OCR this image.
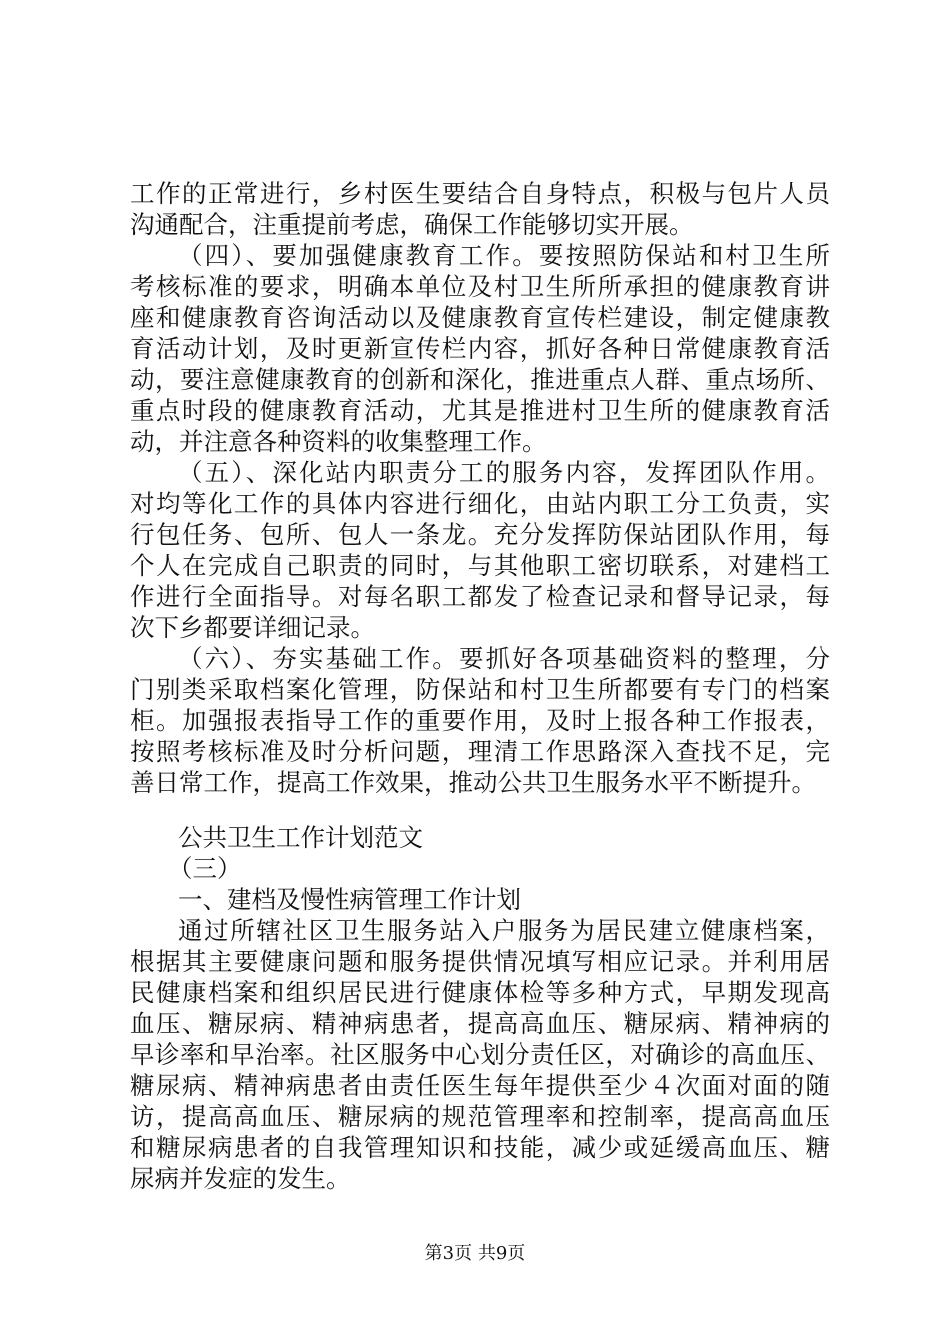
工作的正常进行，乡村医生要结合自身特点，积极与包片人员
沟通配合，注重提前考虑，确保工作能够切实开展。
（四）、要加强健康教育工作。要按照防保站和村卫生所
考核标准的要求，明确本单位及村卫生所所承担的健康教育讲
座和健康教育咨询活动以及健康教育宣传栏建设，制定健康教
育活动计划，及时更新宣传栏内容，抓好各种日常健康教育活
动，要注意健康教育的创新和深化，推进重点人群、重点场所、
重点时段的健康教育活动，尤其是推进村卫生所的健康教育活
动，并注意各种资料的收集整理工作。
（五）、深化站内职责分工的服务内容，发挥团队作用。
对均等化工作的具体内容进行细化，由站内职工分工负责，实
行包任务、包所、包人一条龙。充分发挥防保站团队作用，每
个人在完成自己职责的同时，与其他职工密切联系，对建档工
作进行全面指导。对每名职工都发了检查记录和督导记录，每
次下乡都要详细记录。
（六）、夯实基础工作。要抓好各项基础资料的整理，分
门别类采取档案化管理，防保站和村卫生所都要有专门的档案
柜。加强报表指导工作的重要作用，及时上报各种工作报表，
按照考核标准及时分析问题，理清工作思路深入查找不足，完
善日常工作，提高工作效果，推动公共卫生服务水平不断提升。
公共卫生工作计划范文
（三）
一、建档及慢性病管理工作计划
通过所辖社区卫生服务站入户服务为居民建立健康档案，
根据其主要健康问题和服务提供情况填写相应记录。并利用居
民健康档案和组织居民进行健康体检等多种方式，早期发现高
血压、糖尿病、精神病患者，提高高血压、糖尿病、精神病的
早诊率和早治率。社区服务中心划分责任区，对确诊的高血压、
糖尿病、精神病患者由责任医生每年提供至少４次面对面的随
访，提高高血压、糖尿病的规范管理率和控制率，提高高血压
和糖尿病患者的自我管理知识和技能，减少或延缓高血压、糖
尿病并发症的发生。
第3页 共9页
